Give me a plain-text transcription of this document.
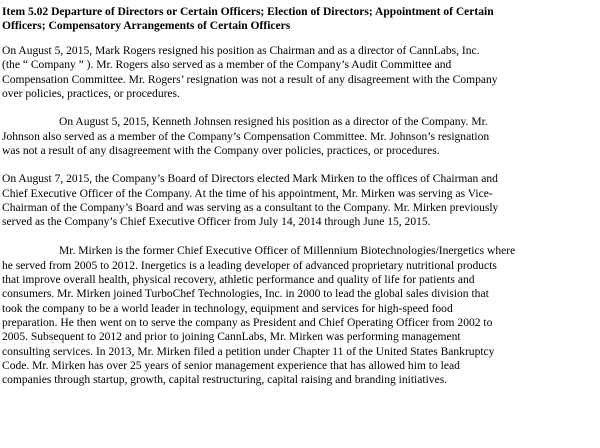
Item 5.02 Departure of Directors or Certain Officers; Election of Directors; Appointment of Certain
Officers; Compensatory Arrangements of Certain Officers
On August 5, 2015, Mark Rogers resigned his position as Chairman and as a director of CannLabs, Inc.
(the “ Company ” ). Mr. Rogers also served as a member of the Company’s Audit Committee and
Compensation Committee. Mr. Rogers’ resignation was not a result of any disagreement with the Company
over policies, practices, or procedures.
On August 5, 2015, Kenneth Johnsen resigned his position as a director of the Company. Mr.
Johnson also served as a member of the Company’s Compensation Committee. Mr. Johnson’s resignation
was not a result of any disagreement with the Company over policies, practices, or procedures.
On August 7, 2015, the Company’s Board of Directors elected Mark Mirken to the offices of Chairman and
Chief Executive Officer of the Company. At the time of his appointment, Mr. Mirken was serving as Vice-
Chairman of the Company’s Board and was serving as a consultant to the Company. Mr. Mirken previously
served as the Company’s Chief Executive Officer from July 14, 2014 through June 15, 2015.
Mr. Mirken is the former Chief Executive Officer of Millennium Biotechnologies/Inergetics where
he served from 2005 to 2012. Inergetics is a leading developer of advanced proprietary nutritional products
that improve overall health, physical recovery, athletic performance and quality of life for patients and
consumers. Mr. Mirken joined TurboChef Technologies, Inc. in 2000 to lead the global sales division that
took the company to be a world leader in technology, equipment and services for high-speed food
preparation. He then went on to serve the company as President and Chief Operating Officer from 2002 to
2005. Subsequent to 2012 and prior to joining CannLabs, Mr. Mirken was performing management
consulting services. In 2013, Mr. Mirken filed a petition under Chapter 11 of the United States Bankruptcy
Code. Mr. Mirken has over 25 years of senior management experience that has allowed him to lead
companies through startup, growth, capital restructuring, capital raising and branding initiatives.
